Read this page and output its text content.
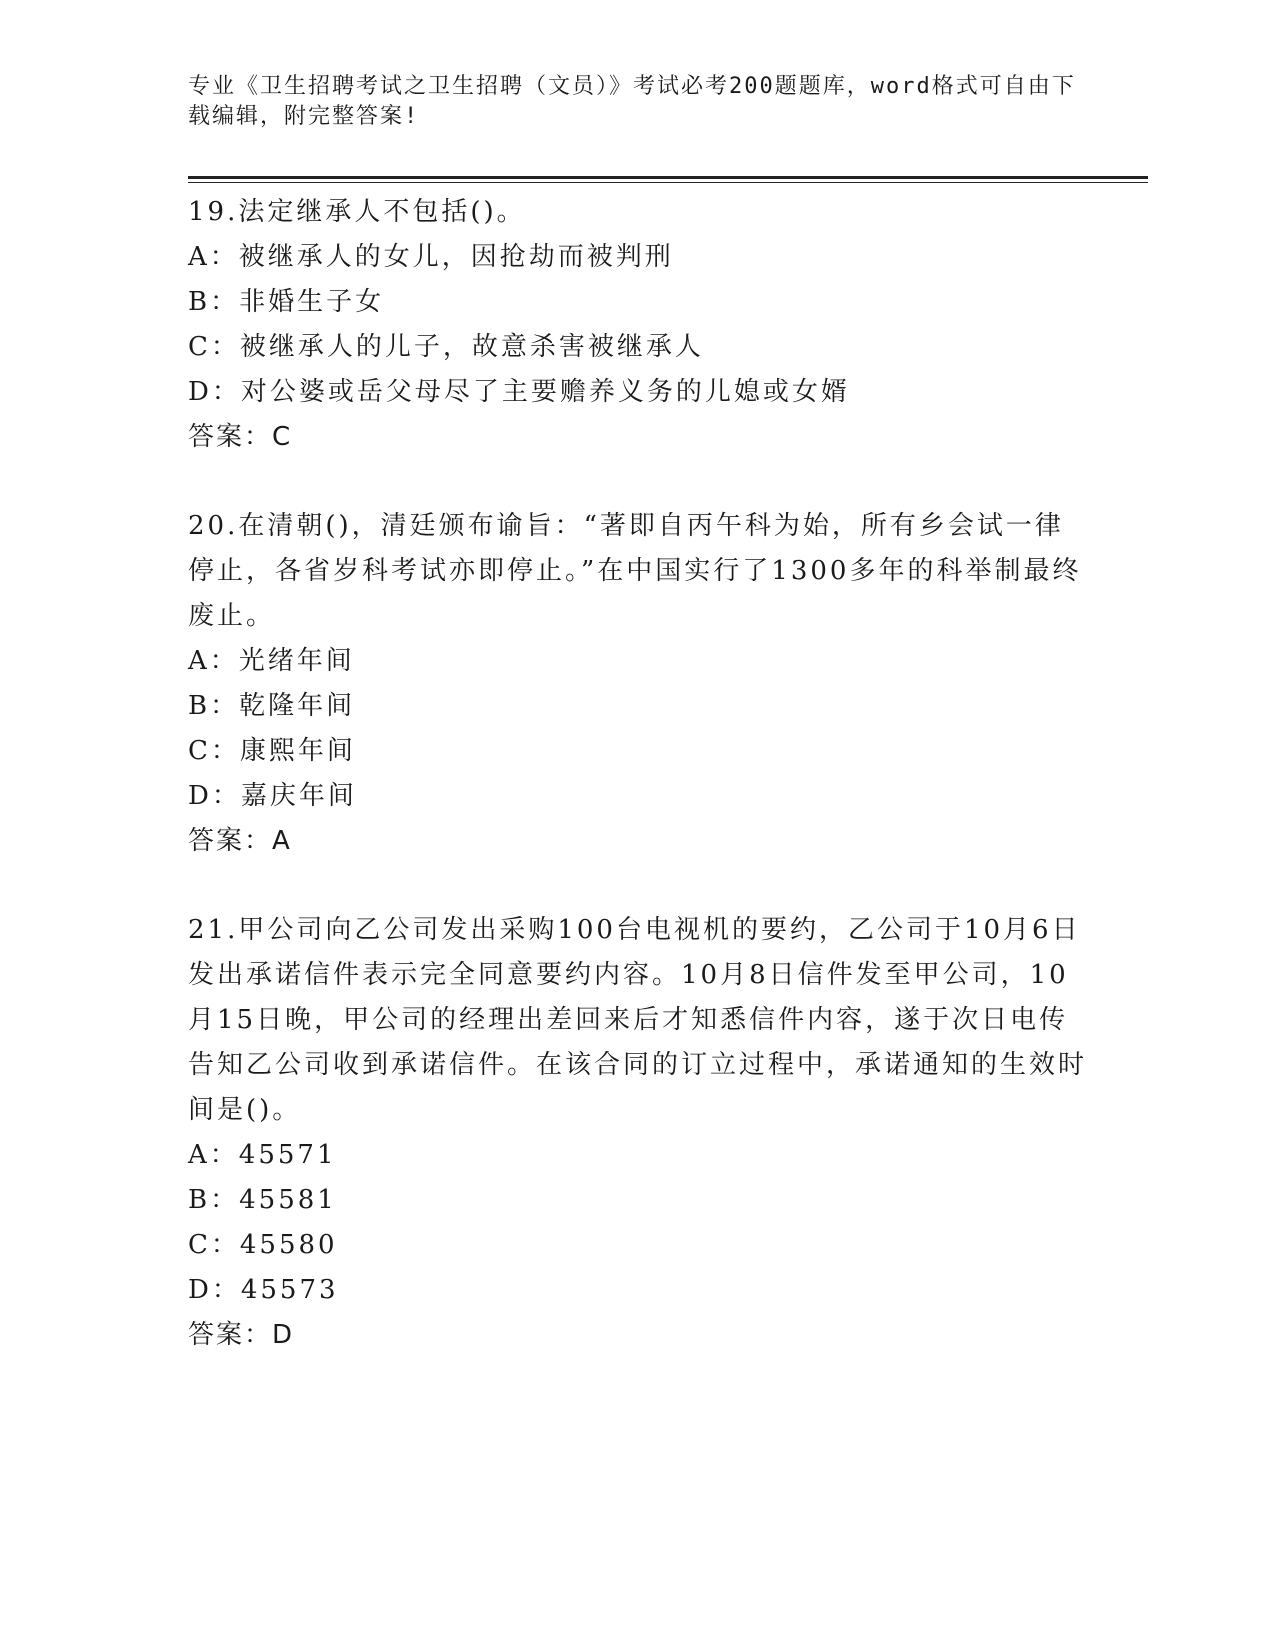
专业《卫生招聘考试之卫生招聘（文员）》考试必考200题题库，word格式可自由下载编辑，附完整答案!

19.法定继承人不包括()。

A：被继承人的女儿，因抢劫而被判刑

B：非婚生子女

C：被继承人的儿子，故意杀害被继承人

D：对公婆或岳父母尽了主要赡养义务的儿媳或女婿

答案：C

20.在清朝()，清廷颁布谕旨：“著即自丙午科为始，所有乡会试一律停止，各省岁科考试亦即停止。”在中国实行了1300多年的科举制最终废止。

A：光绪年间

B：乾隆年间

C：康熙年间

D：嘉庆年间

答案：A

21.甲公司向乙公司发出采购100台电视机的要约，乙公司于10月6日发出承诺信件表示完全同意要约内容。10月8日信件发至甲公司，10月15日晚，甲公司的经理出差回来后才知悉信件内容，遂于次日电传告知乙公司收到承诺信件。在该合同的订立过程中，承诺通知的生效时间是()。

A：45571

B：45581

C：45580

D：45573

答案：D
